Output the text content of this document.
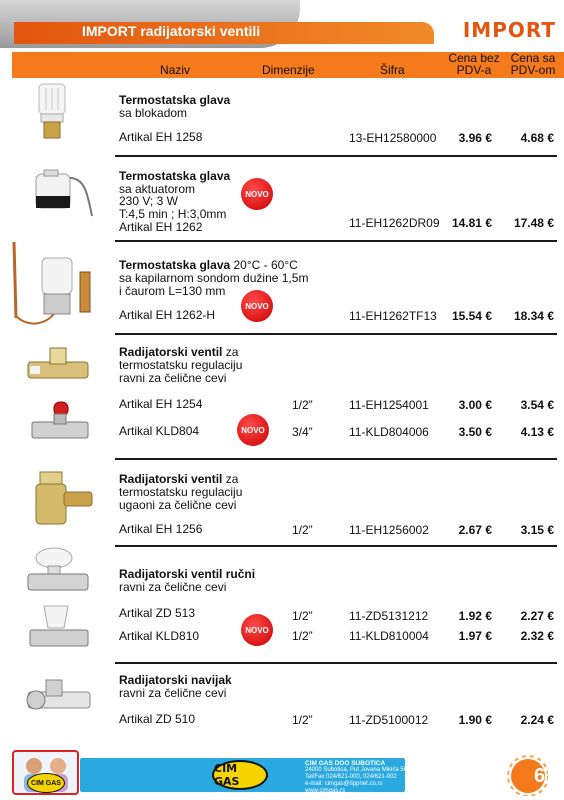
IMPORT radijatorski ventili	IMPORT
Naziv	Dimenzije	Šifra
Cena bez
PDV-a
Cena sa
PDV-om
Termostatska glava
sa blokadom
Artikal EH 1258	13-EH12580000	3.96 €	4.68 €
Termostatska glava
sa aktuatorom
230 V; 3 W
T:4,5 min ; H:3,0mm
NOVO
Artikal EH 1262	11-EH1262DR09	14.81 €	17.48 €
Termostatska glava 20°C - 60°C
sa kapilarnom sondom dužine 1,5m
i čaurom L=130 mm
NOVO
Artikal EH 1262-H	11-EH1262TF13	15.54 €	18.34 €
Radijatorski ventil za
termostatsku regulaciju
ravni za čelične cevi
Artikal EH 1254	1/2”	11-EH1254001	3.00 €	3.54 €
NOVO
Artikal KLD804	3/4”	11-KLD804006	3.50 €	4.13 €
Radijatorski ventil za
termostatsku regulaciju
ugaoni za čelične cevi
Artikal EH 1256	1/2”	11-EH1256002	2.67 €	3.15 €
Radijatorski ventil ručni
ravni za čelične cevi
Artikal ZD 513	1/2”	11-ZD5131212	1.92 €	2.27 €
NOVO
Artikal KLD810	1/2”	11-KLD810004	1.97 €	2.32 €
Radijatorski navijak
ravni za čelične cevi
Artikal ZD 510	1/2”	11-ZD5100012	1.90 €	2.24 €
CIM GAS
CIM GAS
CIM GAS DOO SUBOTICA
24000 Subotica, Put Jovana Mikića 56
Tel/Fax 024/621-000, 024/621-002
e-mail: cimgas@tippnet.co.rs
www.cimgas.rs
6
